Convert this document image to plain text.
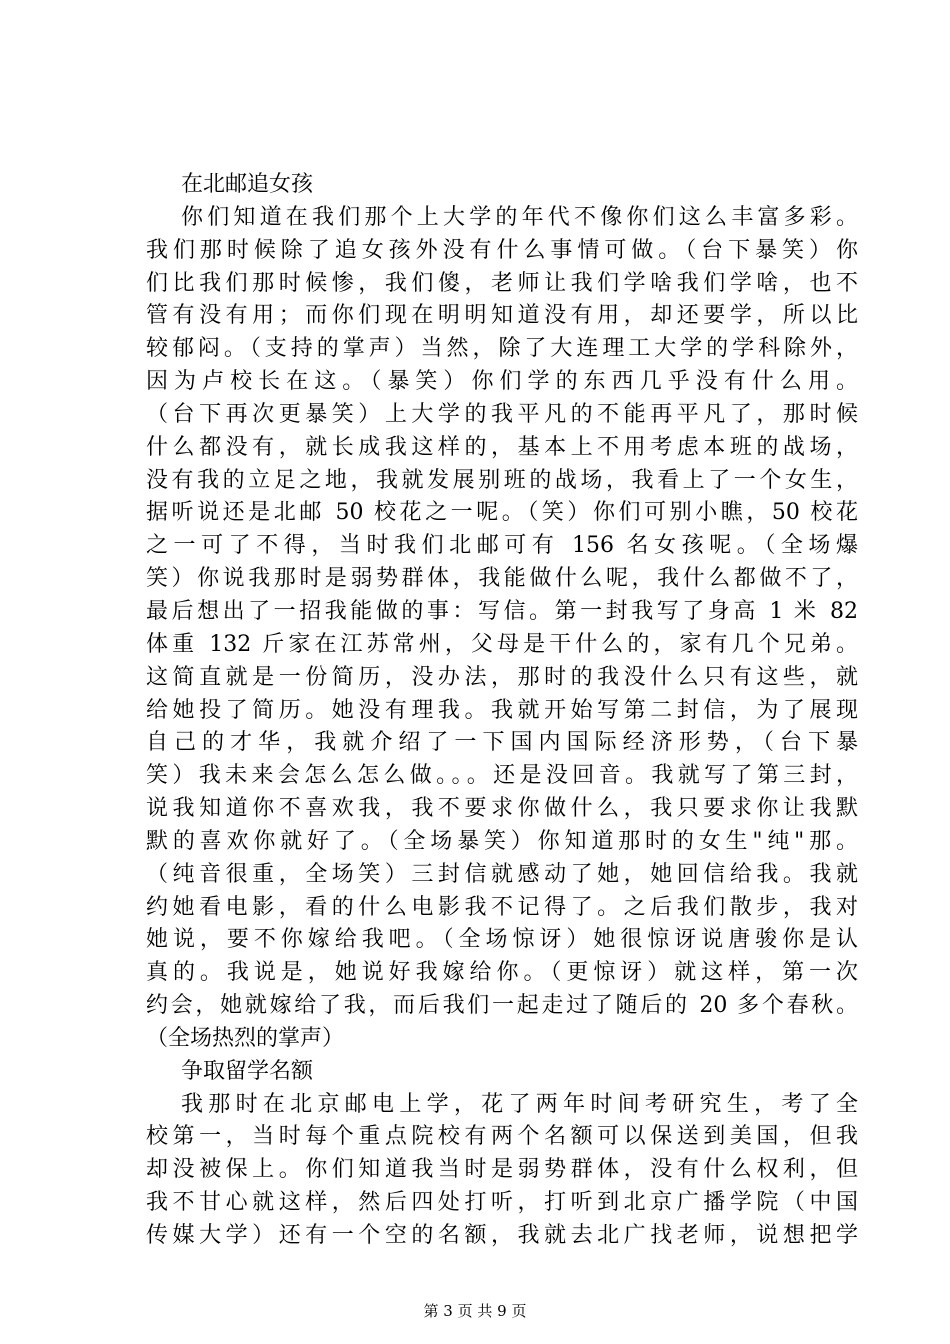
在北邮追女孩
你们知道在我们那个上大学的年代不像你们这么丰富多彩。
我们那时候除了追女孩外没有什么事情可做。（台下暴笑）你
们比我们那时候惨，我们傻，老师让我们学啥我们学啥，也不
管有没有用；而你们现在明明知道没有用，却还要学，所以比
较郁闷。（支持的掌声）当然，除了大连理工大学的学科除外，
因为卢校长在这。（暴笑）你们学的东西几乎没有什么用。
（台下再次更暴笑）上大学的我平凡的不能再平凡了，那时候
什么都没有，就长成我这样的，基本上不用考虑本班的战场，
没有我的立足之地，我就发展别班的战场，我看上了一个女生，
据听说还是北邮 50 校花之一呢。（笑）你们可别小瞧，50 校花
之一可了不得，当时我们北邮可有 156 名女孩呢。（全场爆
笑）你说我那时是弱势群体，我能做什么呢，我什么都做不了，
最后想出了一招我能做的事：写信。第一封我写了身高 1 米 82
体重 132 斤家在江苏常州，父母是干什么的，家有几个兄弟。
这简直就是一份简历，没办法，那时的我没什么只有这些，就
给她投了简历。她没有理我。我就开始写第二封信，为了展现
自己的才华，我就介绍了一下国内国际经济形势，（台下暴
笑）我未来会怎么怎么做。。。还是没回音。我就写了第三封，
说我知道你不喜欢我，我不要求你做什么，我只要求你让我默
默的喜欢你就好了。（全场暴笑）你知道那时的女生"纯"那。
（纯音很重，全场笑）三封信就感动了她，她回信给我。我就
约她看电影，看的什么电影我不记得了。之后我们散步，我对
她说，要不你嫁给我吧。（全场惊讶）她很惊讶说唐骏你是认
真的。我说是，她说好我嫁给你。（更惊讶）就这样，第一次
约会，她就嫁给了我，而后我们一起走过了随后的 20 多个春秋。
（全场热烈的掌声）
争取留学名额
我那时在北京邮电上学，花了两年时间考研究生，考了全
校第一，当时每个重点院校有两个名额可以保送到美国，但我
却没被保上。你们知道我当时是弱势群体，没有什么权利，但
我不甘心就这样，然后四处打听，打听到北京广播学院（中国
传媒大学）还有一个空的名额，我就去北广找老师，说想把学
第 3 页 共 9 页
